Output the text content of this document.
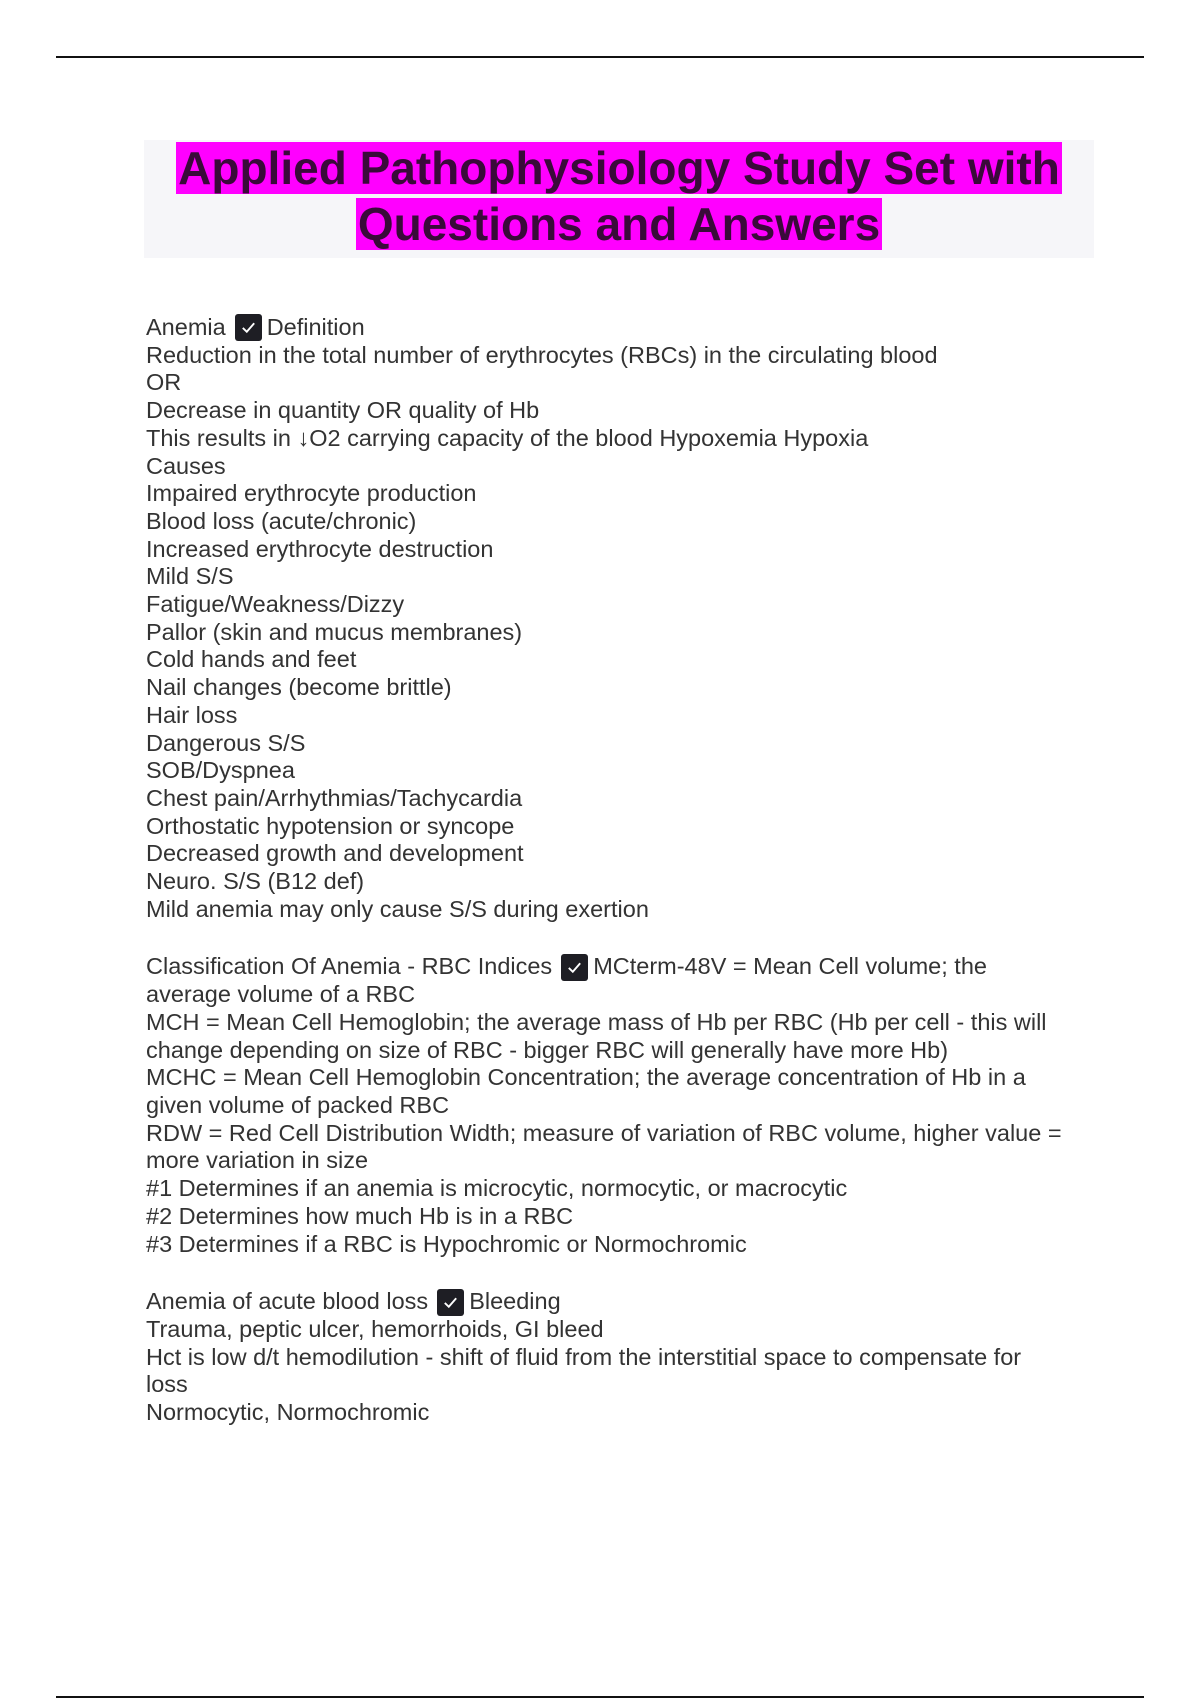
Applied Pathophysiology Study Set with
Questions and Answers
Anemia Definition
Reduction in the total number of erythrocytes (RBCs) in the circulating blood
OR
Decrease in quantity OR quality of Hb
This results in ↓O2 carrying capacity of the blood Hypoxemia Hypoxia
Causes
Impaired erythrocyte production
Blood loss (acute/chronic)
Increased erythrocyte destruction
Mild S/S
Fatigue/Weakness/Dizzy
Pallor (skin and mucus membranes)
Cold hands and feet
Nail changes (become brittle)
Hair loss
Dangerous S/S
SOB/Dyspnea
Chest pain/Arrhythmias/Tachycardia
Orthostatic hypotension or syncope
Decreased growth and development
Neuro. S/S (B12 def)
Mild anemia may only cause S/S during exertion
Classification Of Anemia - RBC Indices MCterm-48V = Mean Cell volume; the
average volume of a RBC
MCH = Mean Cell Hemoglobin; the average mass of Hb per RBC (Hb per cell - this will
change depending on size of RBC - bigger RBC will generally have more Hb)
MCHC = Mean Cell Hemoglobin Concentration; the average concentration of Hb in a
given volume of packed RBC
RDW = Red Cell Distribution Width; measure of variation of RBC volume, higher value =
more variation in size
#1 Determines if an anemia is microcytic, normocytic, or macrocytic
#2 Determines how much Hb is in a RBC
#3 Determines if a RBC is Hypochromic or Normochromic
Anemia of acute blood loss Bleeding
Trauma, peptic ulcer, hemorrhoids, GI bleed
Hct is low d/t hemodilution - shift of fluid from the interstitial space to compensate for
loss
Normocytic, Normochromic
